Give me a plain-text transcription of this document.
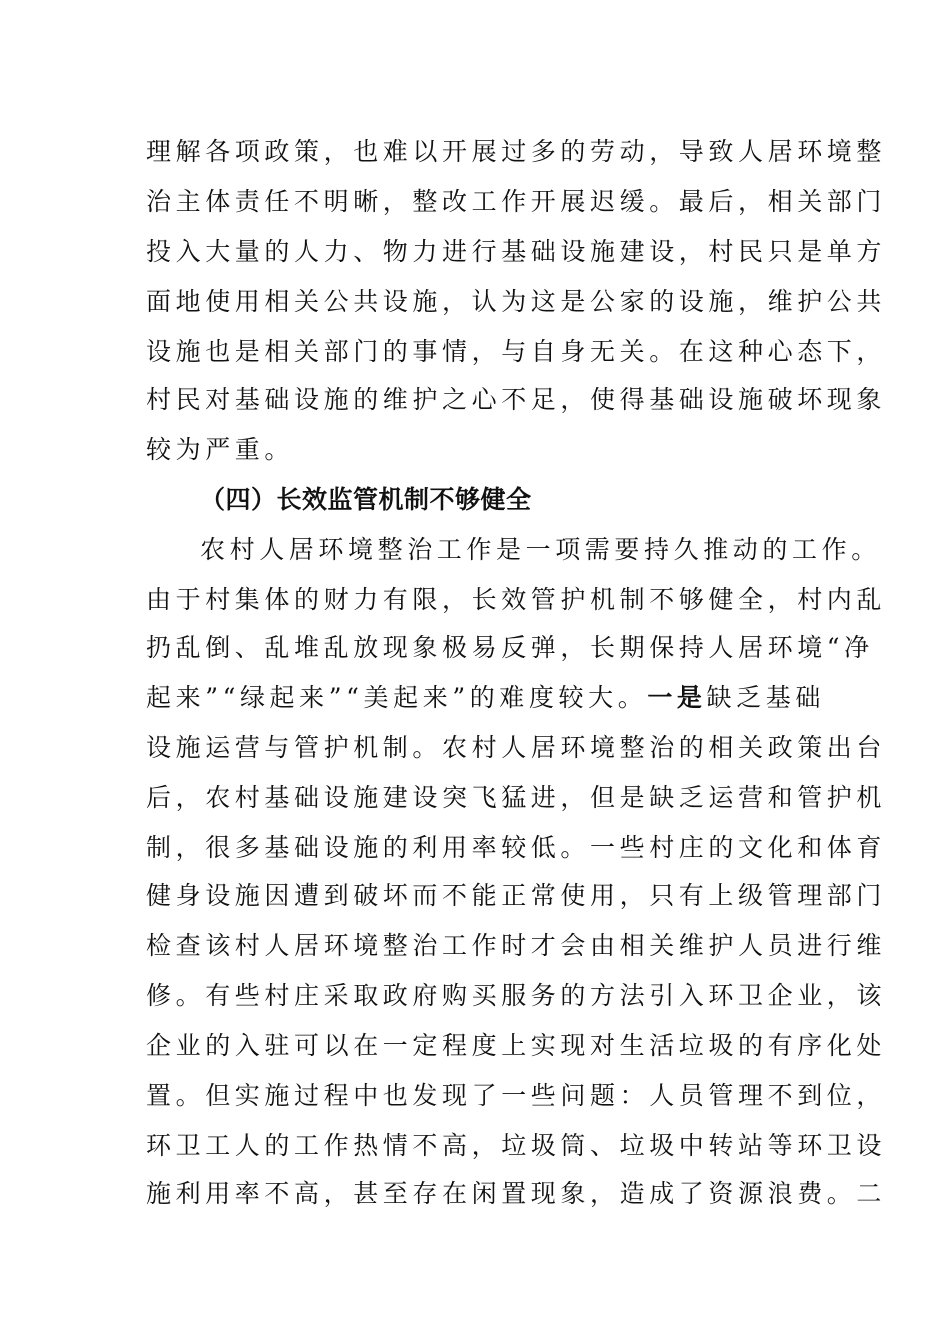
理解各项政策，也难以开展过多的劳动，导致人居环境整
治主体责任不明晰，整改工作开展迟缓。最后，相关部门
投入大量的人力、物力进行基础设施建设，村民只是单方
面地使用相关公共设施，认为这是公家的设施，维护公共
设施也是相关部门的事情，与自身无关。在这种心态下，
村民对基础设施的维护之心不足，使得基础设施破坏现象
较为严重。
（四）长效监管机制不够健全
农村人居环境整治工作是一项需要持久推动的工作。
由于村集体的财力有限，长效管护机制不够健全，村内乱
扔乱倒、乱堆乱放现象极易反弹，长期保持人居环境“净
起来”“绿起来”“美起来”的难度较大。一是缺乏基础
设施运营与管护机制。农村人居环境整治的相关政策出台
后，农村基础设施建设突飞猛进，但是缺乏运营和管护机
制，很多基础设施的利用率较低。一些村庄的文化和体育
健身设施因遭到破坏而不能正常使用，只有上级管理部门
检查该村人居环境整治工作时才会由相关维护人员进行维
修。有些村庄采取政府购买服务的方法引入环卫企业，该
企业的入驻可以在一定程度上实现对生活垃圾的有序化处
置。但实施过程中也发现了一些问题：人员管理不到位，
环卫工人的工作热情不高，垃圾筒、垃圾中转站等环卫设
施利用率不高，甚至存在闲置现象，造成了资源浪费。二
